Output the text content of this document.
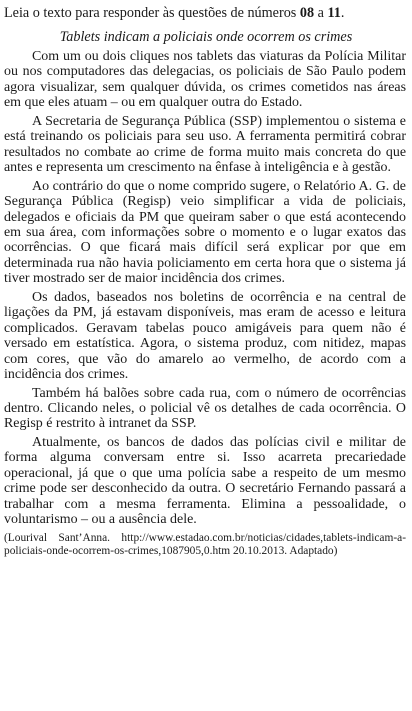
Leia o texto para responder às questões de números 08 a 11.

Tablets indicam a policiais onde ocorrem os crimes

Com um ou dois cliques nos tablets das viaturas da Polícia Militar ou nos computadores das delegacias, os policiais de São Paulo podem agora visualizar, sem qualquer dúvida, os crimes cometidos nas áreas em que eles atuam – ou em qualquer outra do Estado.

A Secretaria de Segurança Pública (SSP) implementou o sistema e está treinando os policiais para seu uso. A ferramenta permitirá cobrar resultados no combate ao crime de forma muito mais concreta do que antes e representa um crescimento na ênfase à inteligência e à gestão.

Ao contrário do que o nome comprido sugere, o Relatório A. G. de Segurança Pública (Regisp) veio simplificar a vida de policiais, delegados e oficiais da PM que queiram saber o que está acontecendo em sua área, com informações sobre o momento e o lugar exatos das ocorrências. O que ficará mais difícil será explicar por que em determinada rua não havia policiamento em certa hora que o sistema já tiver mostrado ser de maior incidência dos crimes.

Os dados, baseados nos boletins de ocorrência e na central de ligações da PM, já estavam disponíveis, mas eram de acesso e leitura complicados. Geravam tabelas pouco amigáveis para quem não é versado em estatística. Agora, o sistema produz, com nitidez, mapas com cores, que vão do amarelo ao vermelho, de acordo com a incidência dos crimes.

Também há balões sobre cada rua, com o número de ocorrências dentro. Clicando neles, o policial vê os detalhes de cada ocorrência. O Regisp é restrito à intranet da SSP.

Atualmente, os bancos de dados das polícias civil e militar de forma alguma conversam entre si. Isso acarreta precariedade operacional, já que o que uma polícia sabe a respeito de um mesmo crime pode ser desconhecido da outra. O secretário Fernando passará a trabalhar com a mesma ferramenta. Elimina a pessoalidade, o voluntarismo – ou a ausência dele.

(Lourival Sant’Anna. http://www.estadao.com.br/noticias/cidades,tablets-indicam-a-policiais-onde-ocorrem-os-crimes,1087905,0.htm 20.10.2013. Adaptado)
